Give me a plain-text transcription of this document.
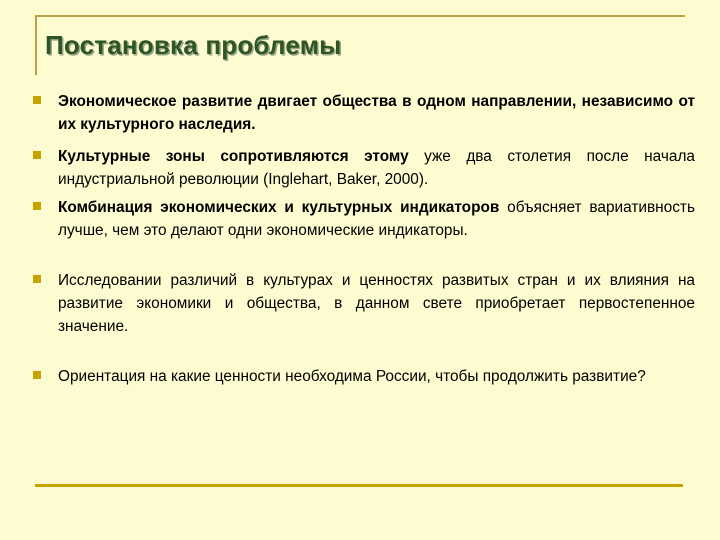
Постановка проблемы
Экономическое развитие двигает общества в одном направлении, независимо от их культурного наследия.
Культурные зоны сопротивляются этому уже два столетия после начала индустриальной революции (Inglehart, Baker, 2000).
Комбинация экономических и культурных индикаторов объясняет вариативность лучше, чем это делают одни экономические индикаторы.
Исследовании различий в культурах и ценностях развитых стран и их влияния на развитие экономики и общества, в данном свете приобретает первостепенное значение.
Ориентация на какие ценности необходима России, чтобы продолжить развитие?
